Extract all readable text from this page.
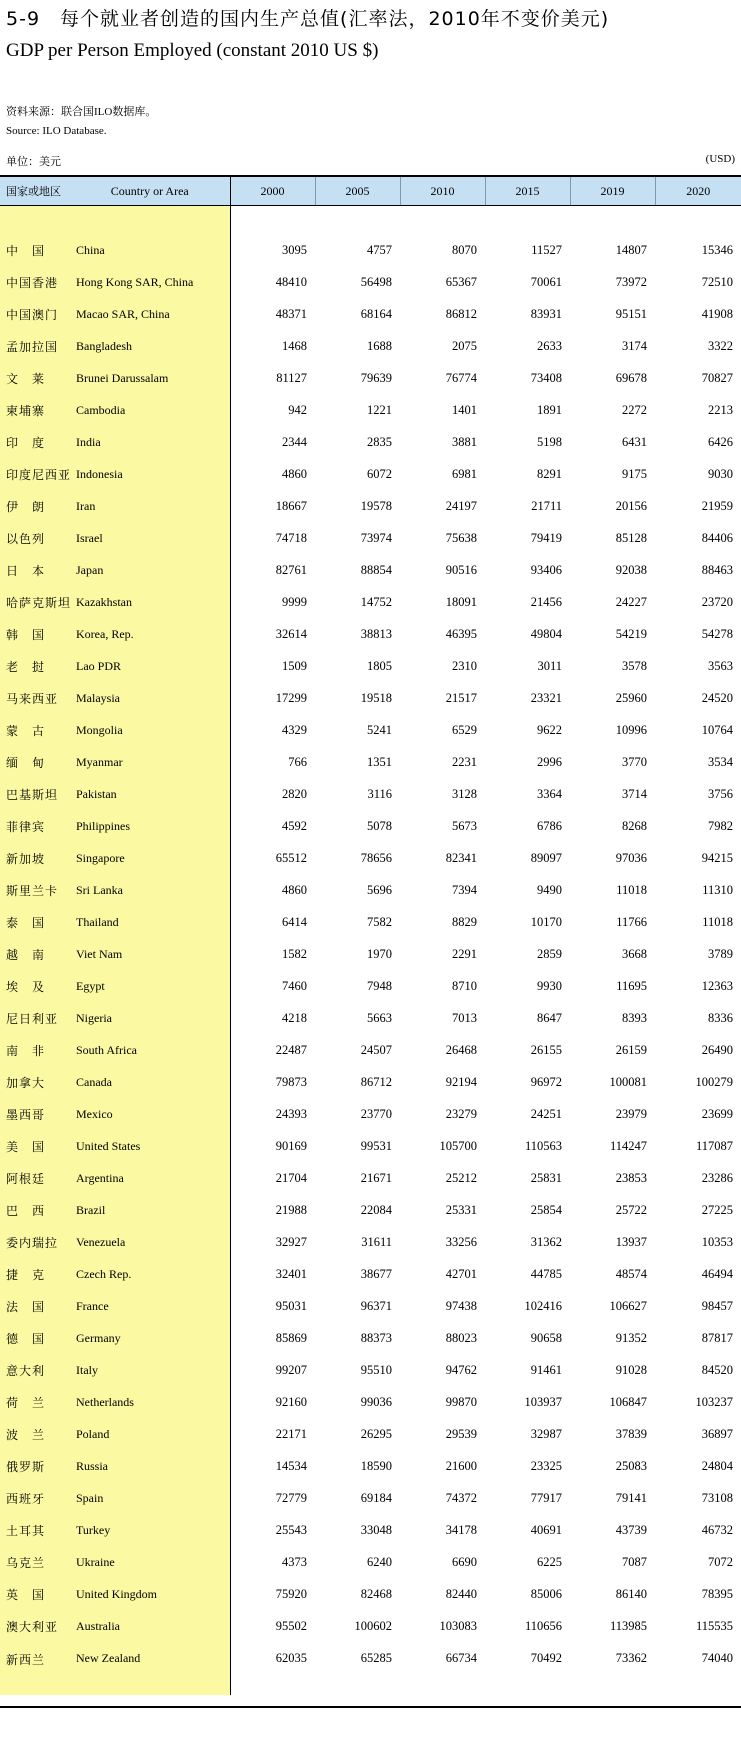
5-9　每个就业者创造的国内生产总值(汇率法，2010年不变价美元)
GDP per Person Employed (constant 2010 US $)
资料来源：联合国ILO数据库。
Source: ILO Database.
单位：美元	(USD)
国家或地区	Country or Area	2000	2005	2010	2015	2019	2020

中　国	China	3095	4757	8070	11527	14807	15346
中国香港	Hong Kong SAR, China	48410	56498	65367	70061	73972	72510
中国澳门	Macao SAR, China	48371	68164	86812	83931	95151	41908
孟加拉国	Bangladesh	1468	1688	2075	2633	3174	3322
文　莱	Brunei Darussalam	81127	79639	76774	73408	69678	70827
柬埔寨	Cambodia	942	1221	1401	1891	2272	2213
印　度	India	2344	2835	3881	5198	6431	6426
印度尼西亚	Indonesia	4860	6072	6981	8291	9175	9030
伊　朗	Iran	18667	19578	24197	21711	20156	21959
以色列	Israel	74718	73974	75638	79419	85128	84406
日　本	Japan	82761	88854	90516	93406	92038	88463
哈萨克斯坦	Kazakhstan	9999	14752	18091	21456	24227	23720
韩　国	Korea, Rep.	32614	38813	46395	49804	54219	54278
老　挝	Lao PDR	1509	1805	2310	3011	3578	3563
马来西亚	Malaysia	17299	19518	21517	23321	25960	24520
蒙　古	Mongolia	4329	5241	6529	9622	10996	10764
缅　甸	Myanmar	766	1351	2231	2996	3770	3534
巴基斯坦	Pakistan	2820	3116	3128	3364	3714	3756
菲律宾	Philippines	4592	5078	5673	6786	8268	7982
新加坡	Singapore	65512	78656	82341	89097	97036	94215
斯里兰卡	Sri Lanka	4860	5696	7394	9490	11018	11310
泰　国	Thailand	6414	7582	8829	10170	11766	11018
越　南	Viet Nam	1582	1970	2291	2859	3668	3789
埃　及	Egypt	7460	7948	8710	9930	11695	12363
尼日利亚	Nigeria	4218	5663	7013	8647	8393	8336
南　非	South Africa	22487	24507	26468	26155	26159	26490
加拿大	Canada	79873	86712	92194	96972	100081	100279
墨西哥	Mexico	24393	23770	23279	24251	23979	23699
美　国	United States	90169	99531	105700	110563	114247	117087
阿根廷	Argentina	21704	21671	25212	25831	23853	23286
巴　西	Brazil	21988	22084	25331	25854	25722	27225
委内瑞拉	Venezuela	32927	31611	33256	31362	13937	10353
捷　克	Czech Rep.	32401	38677	42701	44785	48574	46494
法　国	France	95031	96371	97438	102416	106627	98457
德　国	Germany	85869	88373	88023	90658	91352	87817
意大利	Italy	99207	95510	94762	91461	91028	84520
荷　兰	Netherlands	92160	99036	99870	103937	106847	103237
波　兰	Poland	22171	26295	29539	32987	37839	36897
俄罗斯	Russia	14534	18590	21600	23325	25083	24804
西班牙	Spain	72779	69184	74372	77917	79141	73108
土耳其	Turkey	25543	33048	34178	40691	43739	46732
乌克兰	Ukraine	4373	6240	6690	6225	7087	7072
英　国	United Kingdom	75920	82468	82440	85006	86140	78395
澳大利亚	Australia	95502	100602	103083	110656	113985	115535
新西兰	New Zealand	62035	65285	66734	70492	73362	74040
